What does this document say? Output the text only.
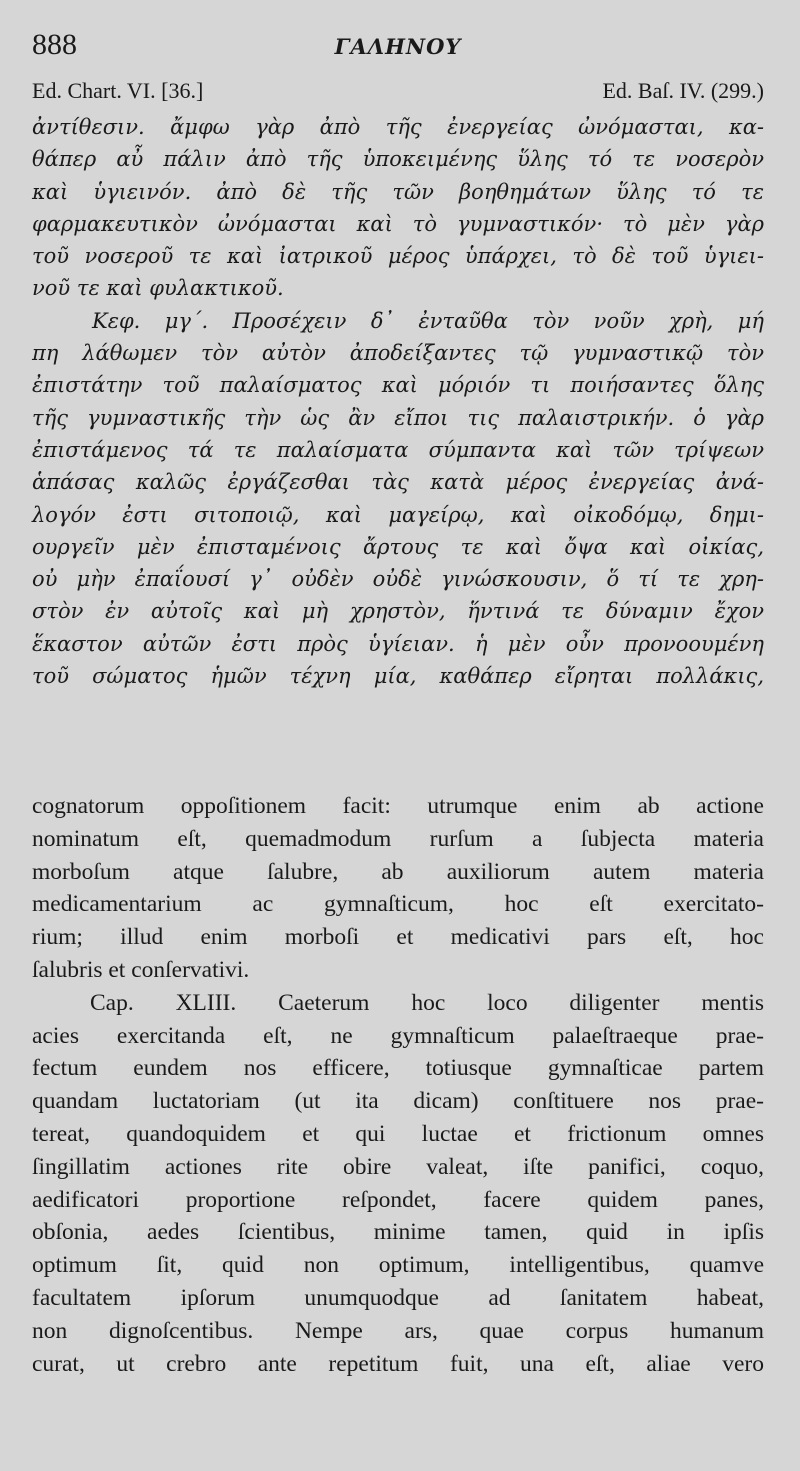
888	ΓΑΛΗΝΟΥ
Ed. Chart. VI. [36.]	Ed. Baſ. IV. (299.)
ἀντίθεσιν. ἄμφω γὰρ ἀπὸ τῆς ἐνεργείας ὠνόμασται, κα-
θάπερ αὖ πάλιν ἀπὸ τῆς ὑποκειμένης ὕλης τό τε νοσερὸν
καὶ ὑγιεινόν. ἀπὸ δὲ τῆς τῶν βοηθημάτων ὕλης τό τε
φαρμακευτικὸν ὠνόμασται καὶ τὸ γυμναστικόν· τὸ μὲν γὰρ
τοῦ νοσεροῦ τε καὶ ἰατρικοῦ μέρος ὑπάρχει, τὸ δὲ τοῦ ὑγιει-
νοῦ τε καὶ φυλακτικοῦ.
Κεφ. μγ΄. Προσέχειν δ᾽ ἐνταῦθα τὸν νοῦν χρὴ, μή
πη λάθωμεν τὸν αὐτὸν ἀποδείξαντες τῷ γυμναστικῷ τὸν
ἐπιστάτην τοῦ παλαίσματος καὶ μόριόν τι ποιήσαντες ὅλης
τῆς γυμναστικῆς τὴν ὡς ἂν εἴποι τις παλαιστρικήν. ὁ γὰρ
ἐπιστάμενος τά τε παλαίσματα σύμπαντα καὶ τῶν τρίψεων
ἁπάσας καλῶς ἐργάζεσθαι τὰς κατὰ μέρος ἐνεργείας ἀνά-
λογόν ἐστι σιτοποιῷ, καὶ μαγείρῳ, καὶ οἰκοδόμῳ, δημι-
ουργεῖν μὲν ἐπισταμένοις ἄρτους τε καὶ ὄψα καὶ οἰκίας,
οὐ μὴν ἐπαΐουσί γ᾽ οὐδὲν οὐδὲ γινώσκουσιν, ὅ τί τε χρη-
στὸν ἐν αὐτοῖς καὶ μὴ χρηστὸν, ἥντινά τε δύναμιν ἔχον
ἕκαστον αὐτῶν ἐστι πρὸς ὑγίειαν. ἡ μὲν οὖν προνοουμένη
τοῦ σώματος ἡμῶν τέχνη μία, καθάπερ εἴρηται πολλάκις,
cognatorum oppoſitionem facit: utrumque enim ab actione
nominatum eſt, quemadmodum rurſum a ſubjecta materia
morboſum atque ſalubre, ab auxiliorum autem materia
medicamentarium ac gymnaſticum, hoc eſt exercitato-
rium; illud enim morboſi et medicativi pars eſt, hoc
ſalubris et conſervativi.
Cap. XLIII. Caeterum hoc loco diligenter mentis
acies exercitanda eſt, ne gymnaſticum palaeſtraeque prae-
fectum eundem nos efficere, totiusque gymnaſticae partem
quandam luctatoriam (ut ita dicam) conſtituere nos prae-
tereat, quandoquidem et qui luctae et frictionum omnes
ſingillatim actiones rite obire valeat, iſte panifici, coquo,
aedificatori proportione reſpondet, facere quidem panes,
obſonia, aedes ſcientibus, minime tamen, quid in ipſis
optimum ſit, quid non optimum, intelligentibus, quamve
facultatem ipſorum unumquodque ad ſanitatem habeat,
non dignoſcentibus. Nempe ars, quae corpus humanum
curat, ut crebro ante repetitum fuit, una eſt, aliae vero
